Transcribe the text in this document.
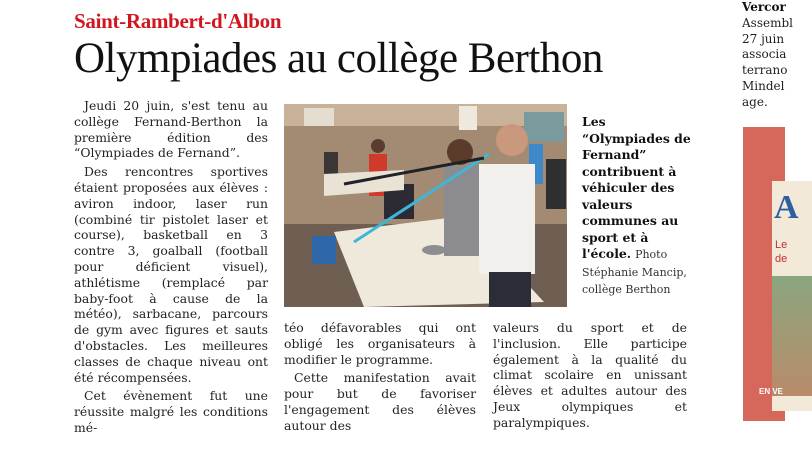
Saint-Rambert-d'Albon
Olympiades au collège Berthon

Jeudi 20 juin, s'est tenu au collège Fernand-Berthon la première édition des “Olympiades de Fernand”.

Des rencontres sportives étaient proposées aux élèves : aviron indoor, laser run (combiné tir pistolet laser et course), basketball en 3 contre 3, goalball (football pour déficient visuel), athlétisme (remplacé par baby-foot à cause de la météo), sarbacane, parcours de gym avec figures et sauts d'obstacles. Les meilleures classes de chaque niveau ont été récompensées.

Cet évènement fut une réussite malgré les conditions mé-

Les “Olympiades de Fernand” contribuent à véhiculer des valeurs communes au sport et à l'école. Photo Stéphanie Mancip, collège Berthon

téo défavorables qui ont obligé les organisateurs à modifier le programme.

Cette manifestation avait pour but de favoriser l'engagement des élèves autour des

valeurs du sport et de l'inclusion. Elle participe également à la qualité du climat scolaire en unissant élèves et adultes autour des Jeux olympiques et paralympiques.

Vercor
Assembl
27 juin
associa
terrano
Mindel
age.
A
Le
de
EN VE
